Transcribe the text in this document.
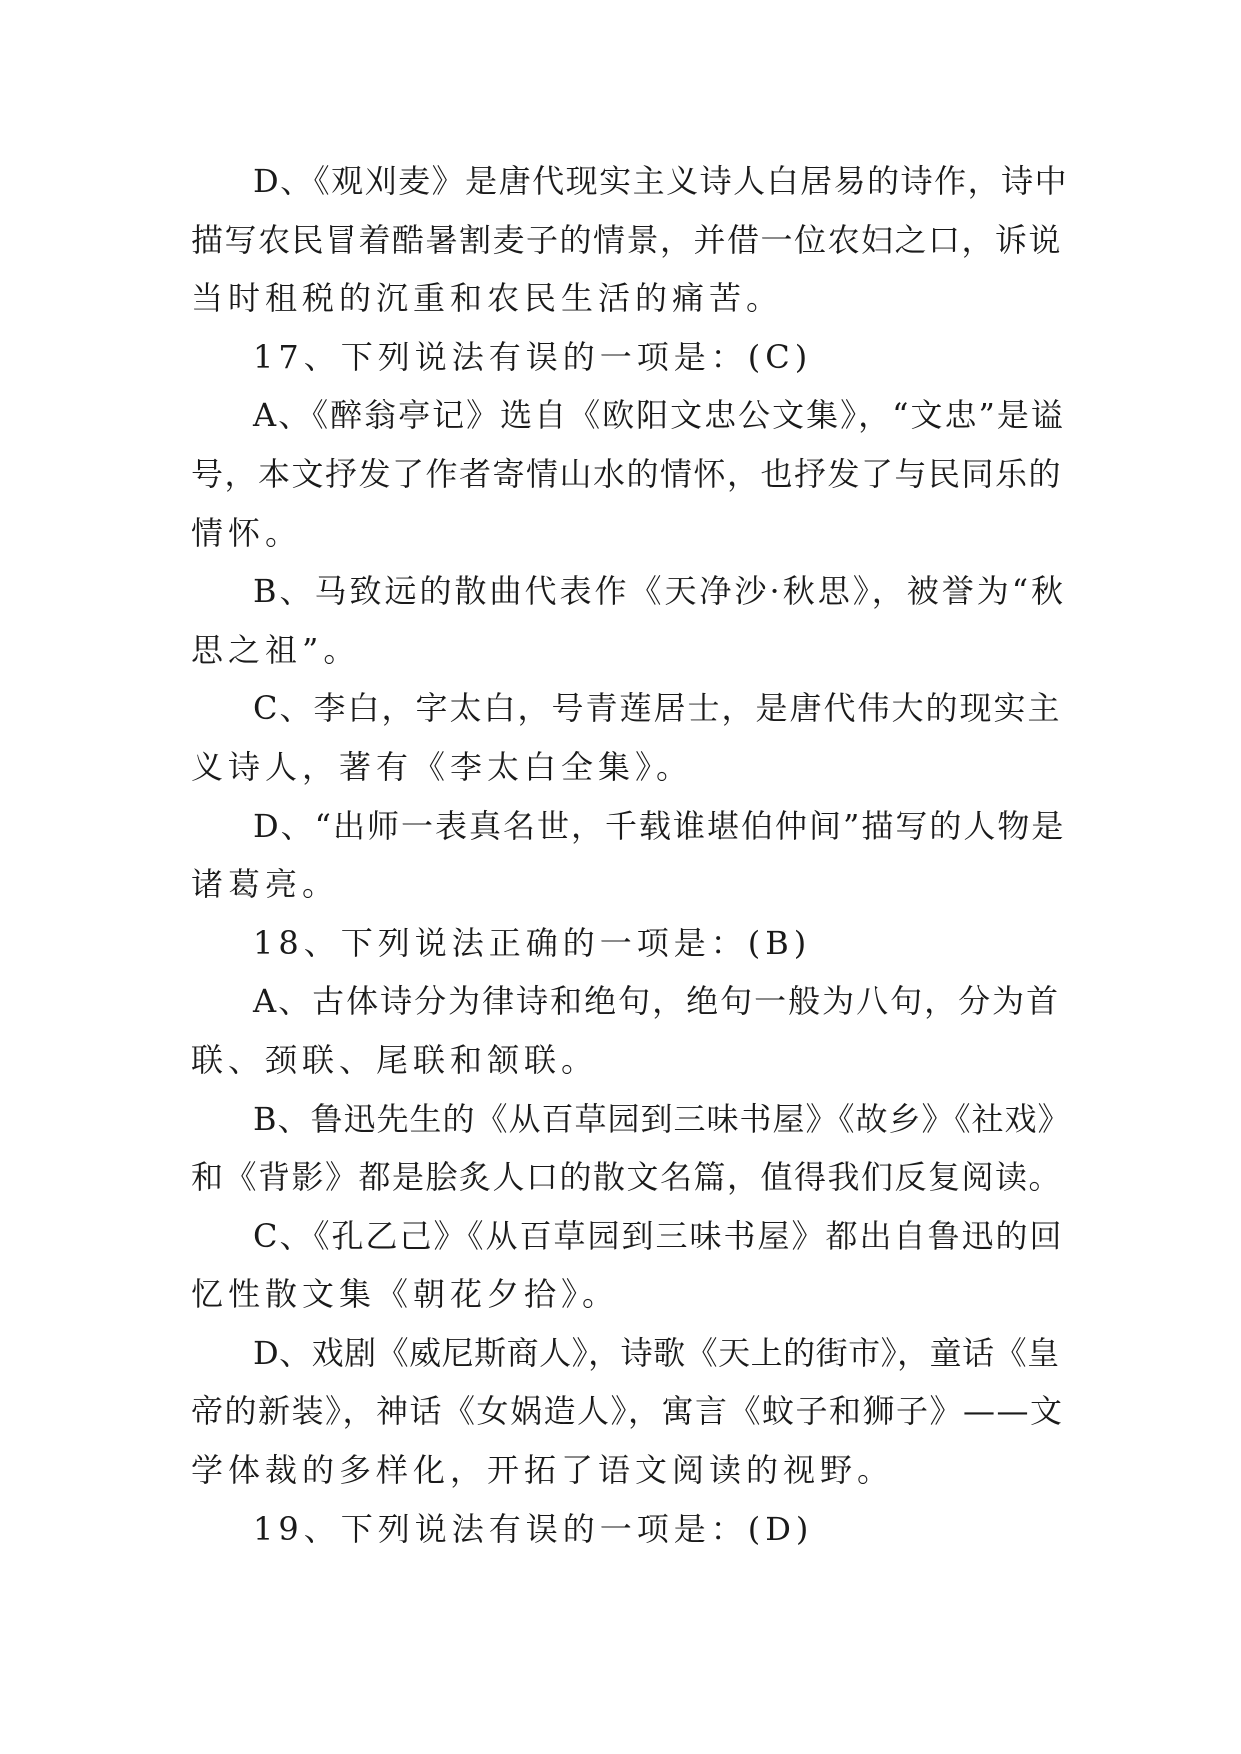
D、《观刈麦》是唐代现实主义诗人白居易的诗作，诗中
描写农民冒着酷暑割麦子的情景，并借一位农妇之口，诉说
当时租税的沉重和农民生活的痛苦。
17、下列说法有误的一项是：(C)
A、《醉翁亭记》选自《欧阳文忠公文集》，“文忠”是谥
号，本文抒发了作者寄情山水的情怀，也抒发了与民同乐的
情怀。
B、马致远的散曲代表作《天净沙·秋思》，被誉为“秋
思之祖”。
C、李白，字太白，号青莲居士，是唐代伟大的现实主
义诗人，著有《李太白全集》。
D、“出师一表真名世，千载谁堪伯仲间”描写的人物是
诸葛亮。
18、下列说法正确的一项是：(B)
A、古体诗分为律诗和绝句，绝句一般为八句，分为首
联、颈联、尾联和颔联。
B、鲁迅先生的《从百草园到三味书屋》《故乡》《社戏》
和《背影》都是脍炙人口的散文名篇，值得我们反复阅读。
C、《孔乙己》《从百草园到三味书屋》都出自鲁迅的回
忆性散文集《朝花夕拾》。
D、戏剧《威尼斯商人》，诗歌《天上的街市》，童话《皇
帝的新装》，神话《女娲造人》，寓言《蚊子和狮子》——文
学体裁的多样化，开拓了语文阅读的视野。
19、下列说法有误的一项是：(D)
